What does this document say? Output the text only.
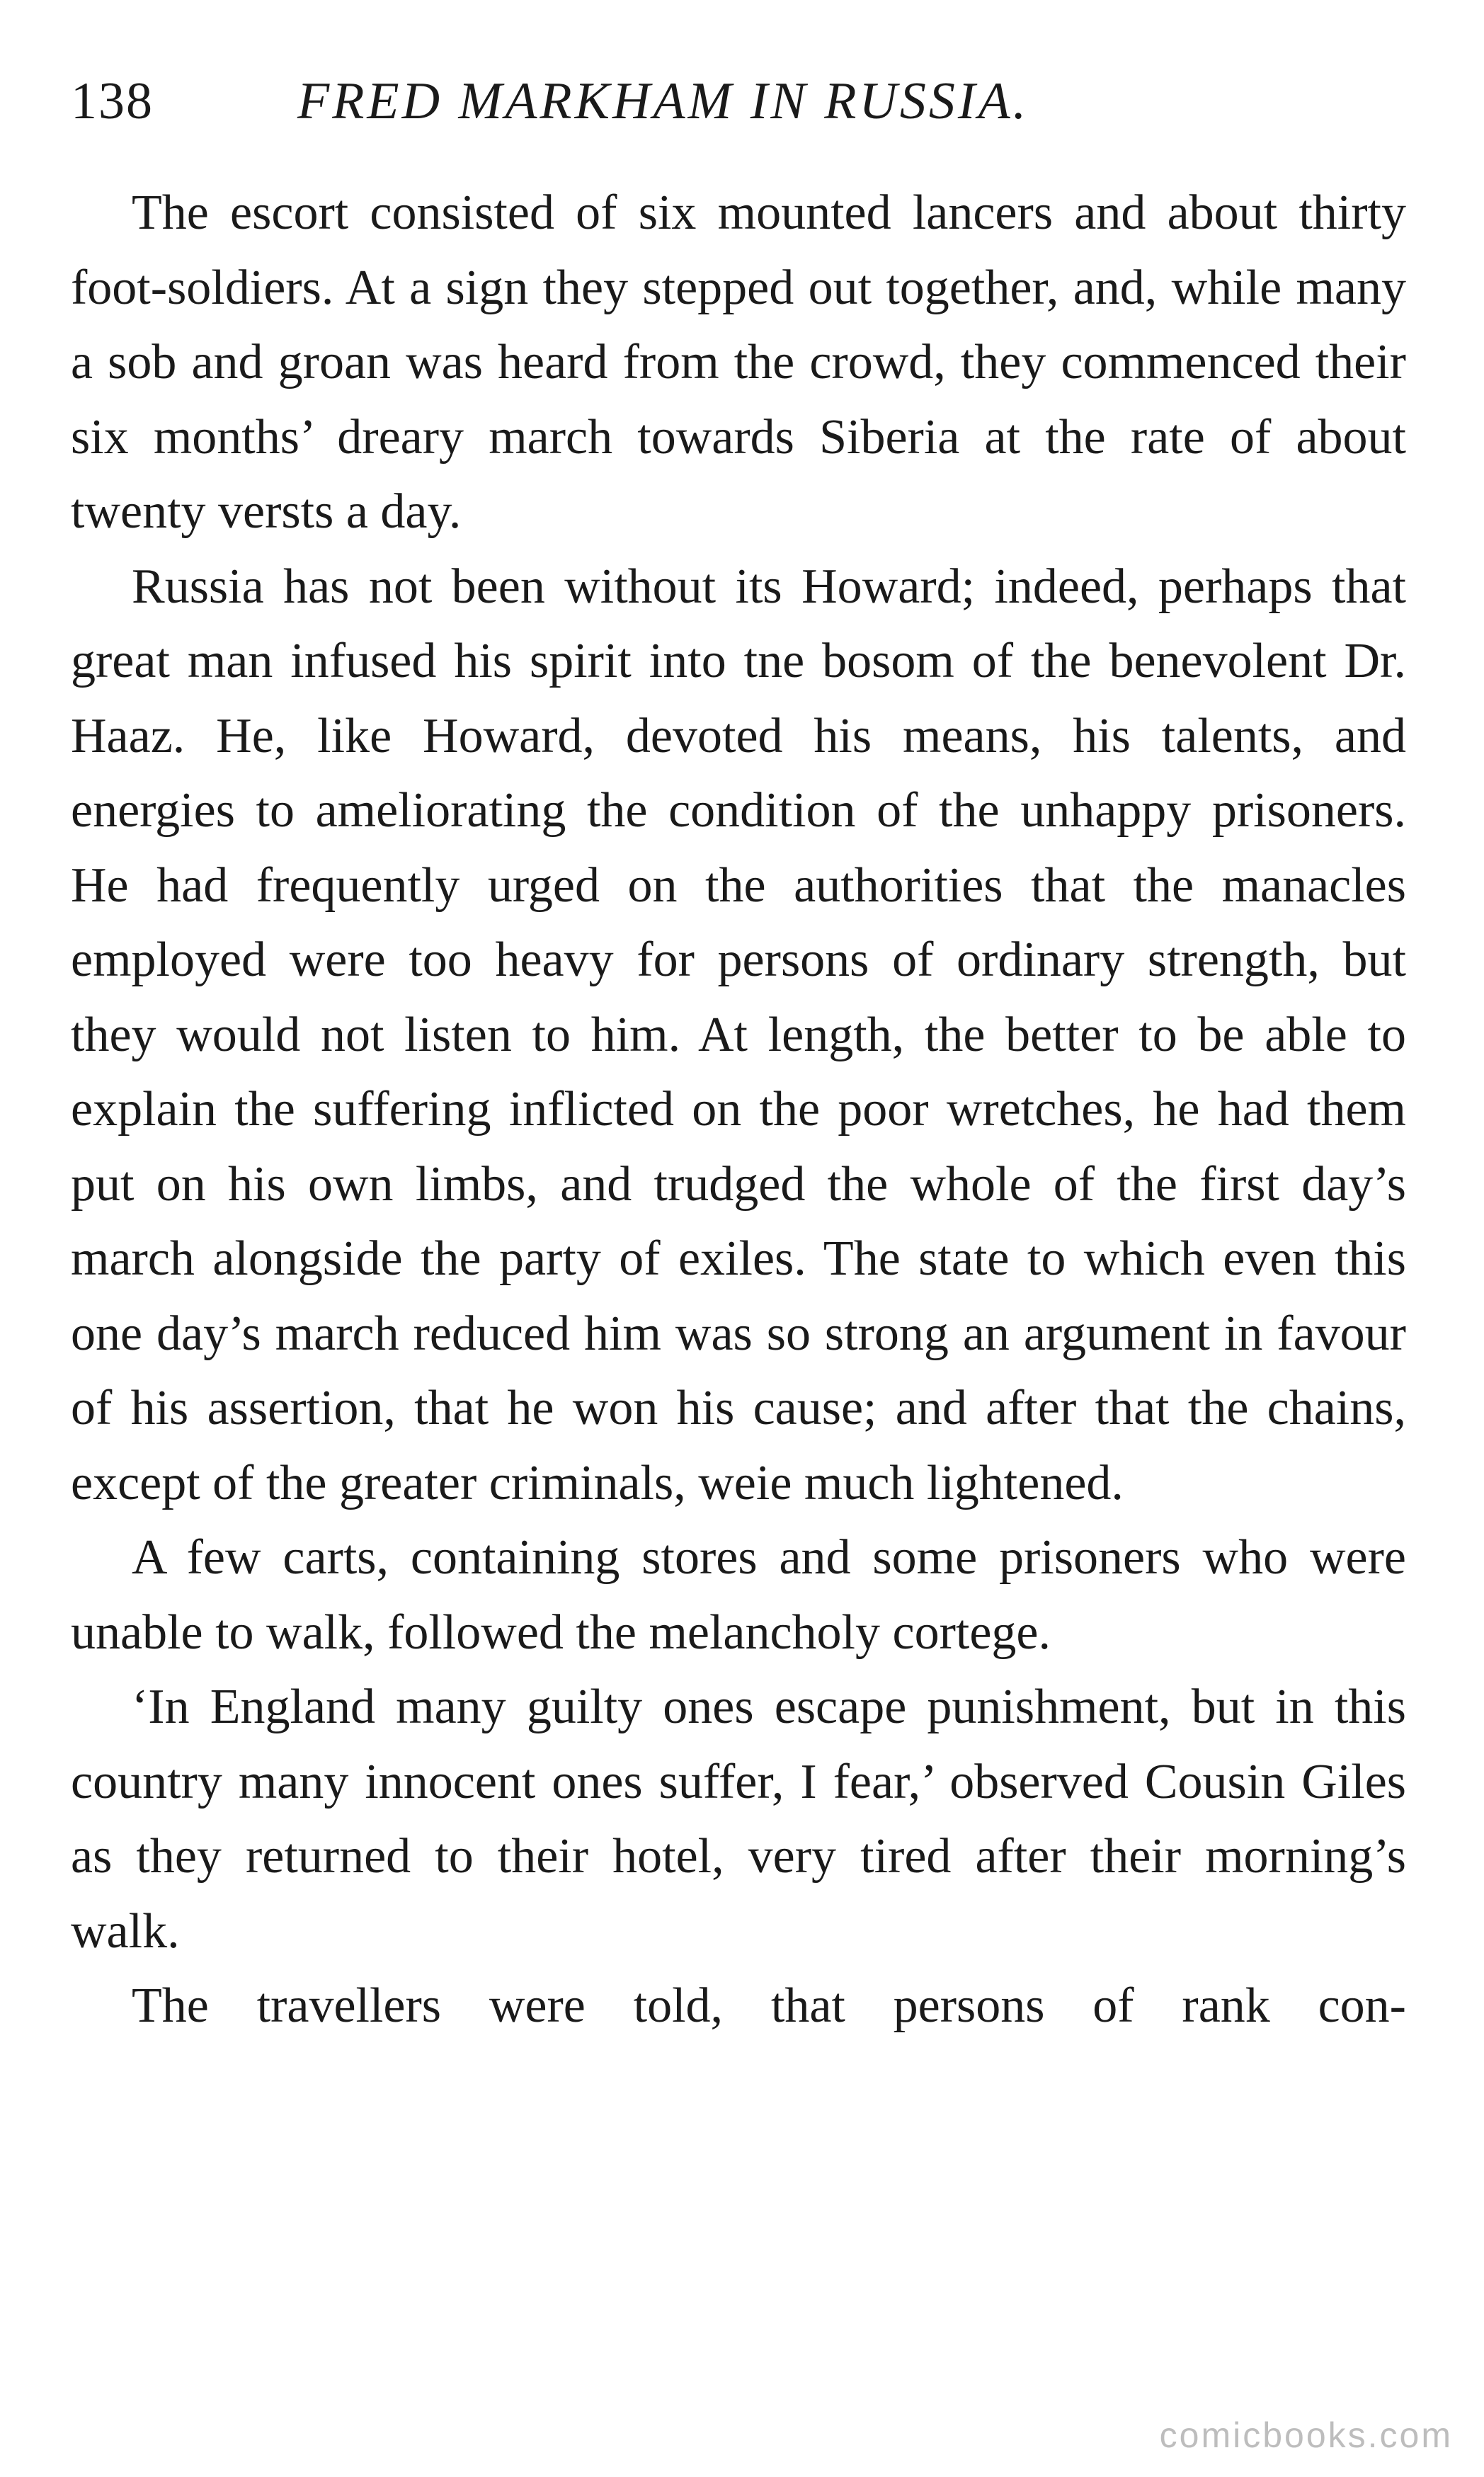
138	FRED MARKHAM IN RUSSIA.

The escort consisted of six mounted lancers and about thirty foot-soldiers. At a sign they stepped out together, and, while many a sob and groan was heard from the crowd, they commenced their six months’ dreary march towards Siberia at the rate of about twenty versts a day.

Russia has not been without its Howard; indeed, perhaps that great man infused his spirit into tne bosom of the benevolent Dr. Haaz. He, like Howard, devoted his means, his talents, and energies to ameliorating the condition of the unhappy prisoners. He had frequently urged on the authorities that the manacles employed were too heavy for persons of ordinary strength, but they would not listen to him. At length, the better to be able to explain the suffering inflicted on the poor wretches, he had them put on his own limbs, and trudged the whole of the first day’s march alongside the party of exiles. The state to which even this one day’s march reduced him was so strong an argument in favour of his assertion, that he won his cause; and after that the chains, except of the greater criminals, weie much lightened.

A few carts, containing stores and some prisoners who were unable to walk, followed the melancholy cortege.

‘In England many guilty ones escape punishment, but in this country many innocent ones suffer, I fear,’ observed Cousin Giles as they returned to their hotel, very tired after their morning’s walk.

The travellers were told, that persons of rank con-

comicbooks.com
